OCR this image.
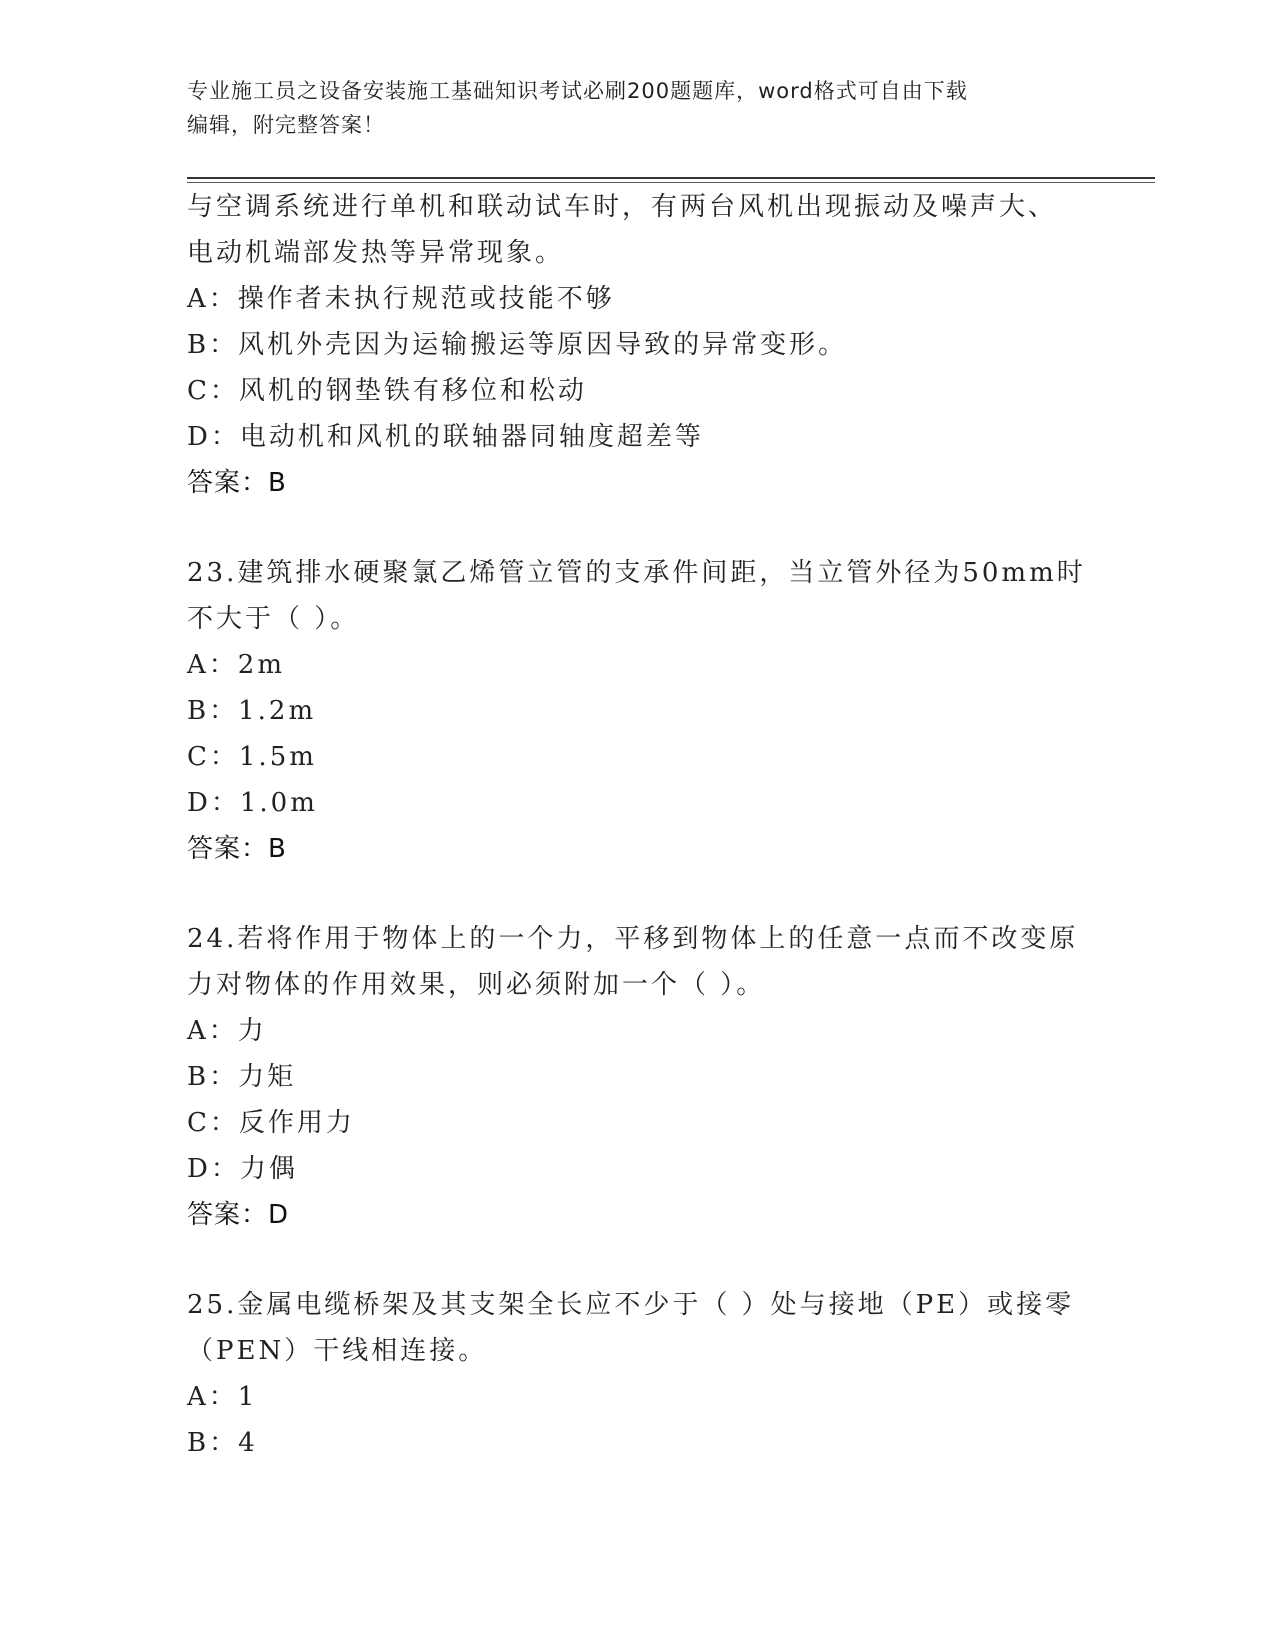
专业施工员之设备安装施工基础知识考试必刷200题题库，word格式可自由下载
编辑，附完整答案！
与空调系统进行单机和联动试车时，有两台风机出现振动及噪声大、
电动机端部发热等异常现象。
A：操作者未执行规范或技能不够
B：风机外壳因为运输搬运等原因导致的异常变形。
C：风机的钢垫铁有移位和松动
D：电动机和风机的联轴器同轴度超差等
答案：B
23.建筑排水硬聚氯乙烯管立管的支承件间距，当立管外径为50mm时
不大于（ ）。
A：2m
B：1.2m
C：1.5m
D：1.0m
答案：B
24.若将作用于物体上的一个力，平移到物体上的任意一点而不改变原
力对物体的作用效果，则必须附加一个（ ）。
A：力
B：力矩
C：反作用力
D：力偶
答案：D
25.金属电缆桥架及其支架全长应不少于（ ）处与接地（PE）或接零
（PEN）干线相连接。
A：1
B：4
